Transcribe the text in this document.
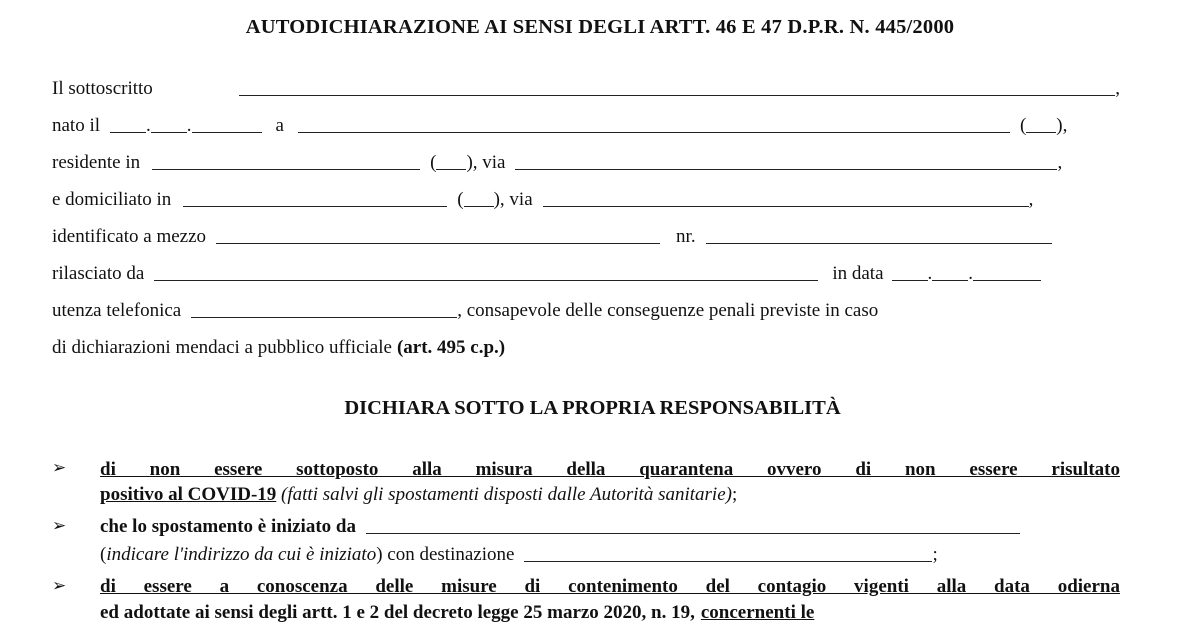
AUTODICHIARAZIONE AI SENSI DEGLI ARTT. 46 E 47 D.P.R. N. 445/2000
Il sottoscritto	,
nato il . .	a	( ),
residente in	( ), via	,
e domiciliato in	( ), via	,
identificato a mezzo	nr.
rilasciato da	in data . .
utenza telefonica	, consapevole delle conseguenze penali previste in caso
di dichiarazioni mendaci a pubblico ufficiale (art. 495 c.p.)
DICHIARA SOTTO LA PROPRIA RESPONSABILITÀ
➢ di non essere sottoposto alla misura della quarantena ovvero di non essere risultato
positivo al COVID-19 (fatti salvi gli spostamenti disposti dalle Autorità sanitarie) ;
➢ che lo spostamento è iniziato da
( indicare l'indirizzo da cui è iniziato ) con destinazione	;
➢ di essere a conoscenza delle misure di contenimento del contagio vigenti alla data odierna
ed adottate ai sensi degli artt. 1 e 2 del decreto legge 25 marzo 2020, n. 19, concernenti le
